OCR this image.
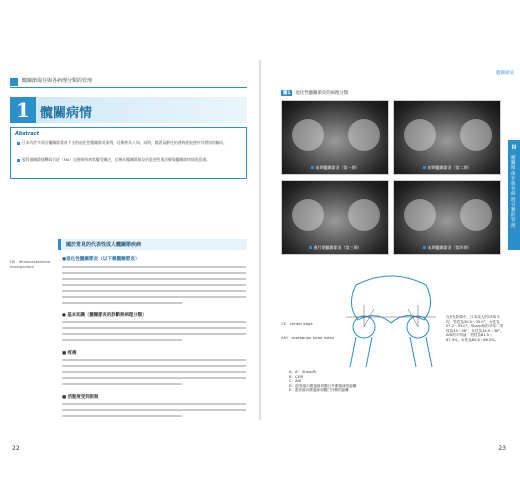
髖關節保存與各病理分類的管理
1 髖關病情
Abstract
日本有許多原計髖關節發育不全的退化性髖關節炎案例，這類疾為人知，同時，隨著高齡化的發病進展便有有增加的傾向。
股骨頭關節撞擊綜合症（FAI）這裡新的病狀髖受關注，近幾年髖關節保存的重要性與治療與髖關節病情的意涵。
國於常見的代表性成人髖關節疾病
FAI：femoroacetabular impingement
●退化性髖關節炎（以下稱髖關節炎）
● 基本知識（髖關節炎的診斷與病理分類）
■ 疼痛
■ 活動度受到限制
22
髖關節症
II
髖關節保存與各病理分類的管理
圖1 退化性髖關節炎的病理分類
前期髖關節炎（第一期）	初期髖關節炎（第二期）
進行期髖關節炎（第三期）	末期髖關節炎（第四期）
CE：center edge
AHI：acetabular head index
在X光影像中，日本成人的CE角平均：男性為30.0～35.0°，女性為27.2～33.0°，Sharp角的平均：男性為35～38°，女性為34.0～38°。AHI的平均值：男性為81.5～87.9%，女性為80.6～86.5%。
A、A'：Sharp角
B：CE角
C：AHI
D：股骨頭內側邊緣到髖臼外側邊緣的距離
E：股骨頭內側邊緣到髖臼外側的距離
23
